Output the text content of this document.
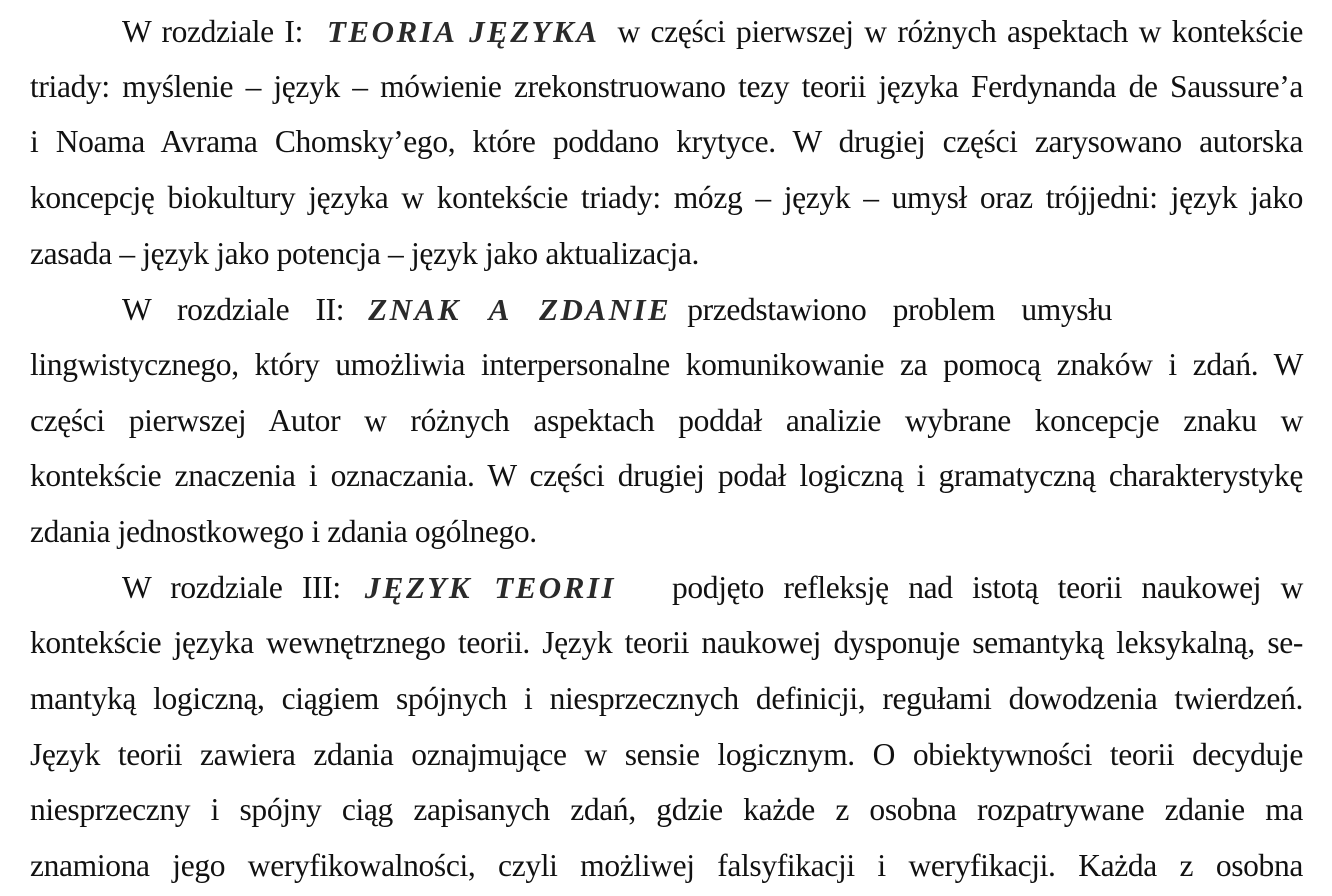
W rozdziale I: TEORIA JĘZYKA w części pierwszej w różnych aspektach w kontekście
triady: myślenie – język – mówienie zrekonstruowano tezy teorii języka Ferdynanda de Saussure’a
i Noama Avrama Chomsky’ego, które poddano krytyce. W drugiej części zarysowano autorska
koncepcję biokultury języka w kontekście triady: mózg – język – umysł oraz trójjedni: język jako
zasada – język jako potencja – język jako aktualizacja.
W rozdziale II: ZNAK A ZDANIE przedstawiono problem umysłu
lingwistycznego, który umożliwia interpersonalne komunikowanie za pomocą znaków i zdań. W
części pierwszej Autor w różnych aspektach poddał analizie wybrane koncepcje znaku w
kontekście znaczenia i oznaczania. W części drugiej podał logiczną i gramatyczną charakterystykę
zdania jednostkowego i zdania ogólnego.
W rozdziale III: JĘZYK TEORII podjęto refleksję nad istotą teorii naukowej w
kontekście języka wewnętrznego teorii. Język teorii naukowej dysponuje semantyką leksykalną, se-
mantyką logiczną, ciągiem spójnych i niesprzecznych definicji, regułami dowodzenia twierdzeń.
Język teorii zawiera zdania oznajmujące w sensie logicznym. O obiektywności teorii decyduje
niesprzeczny i spójny ciąg zapisanych zdań, gdzie każde z osobna rozpatrywane zdanie ma
znamiona jego weryfikowalności, czyli możliwej falsyfikacji i weryfikacji. Każda z osobna
